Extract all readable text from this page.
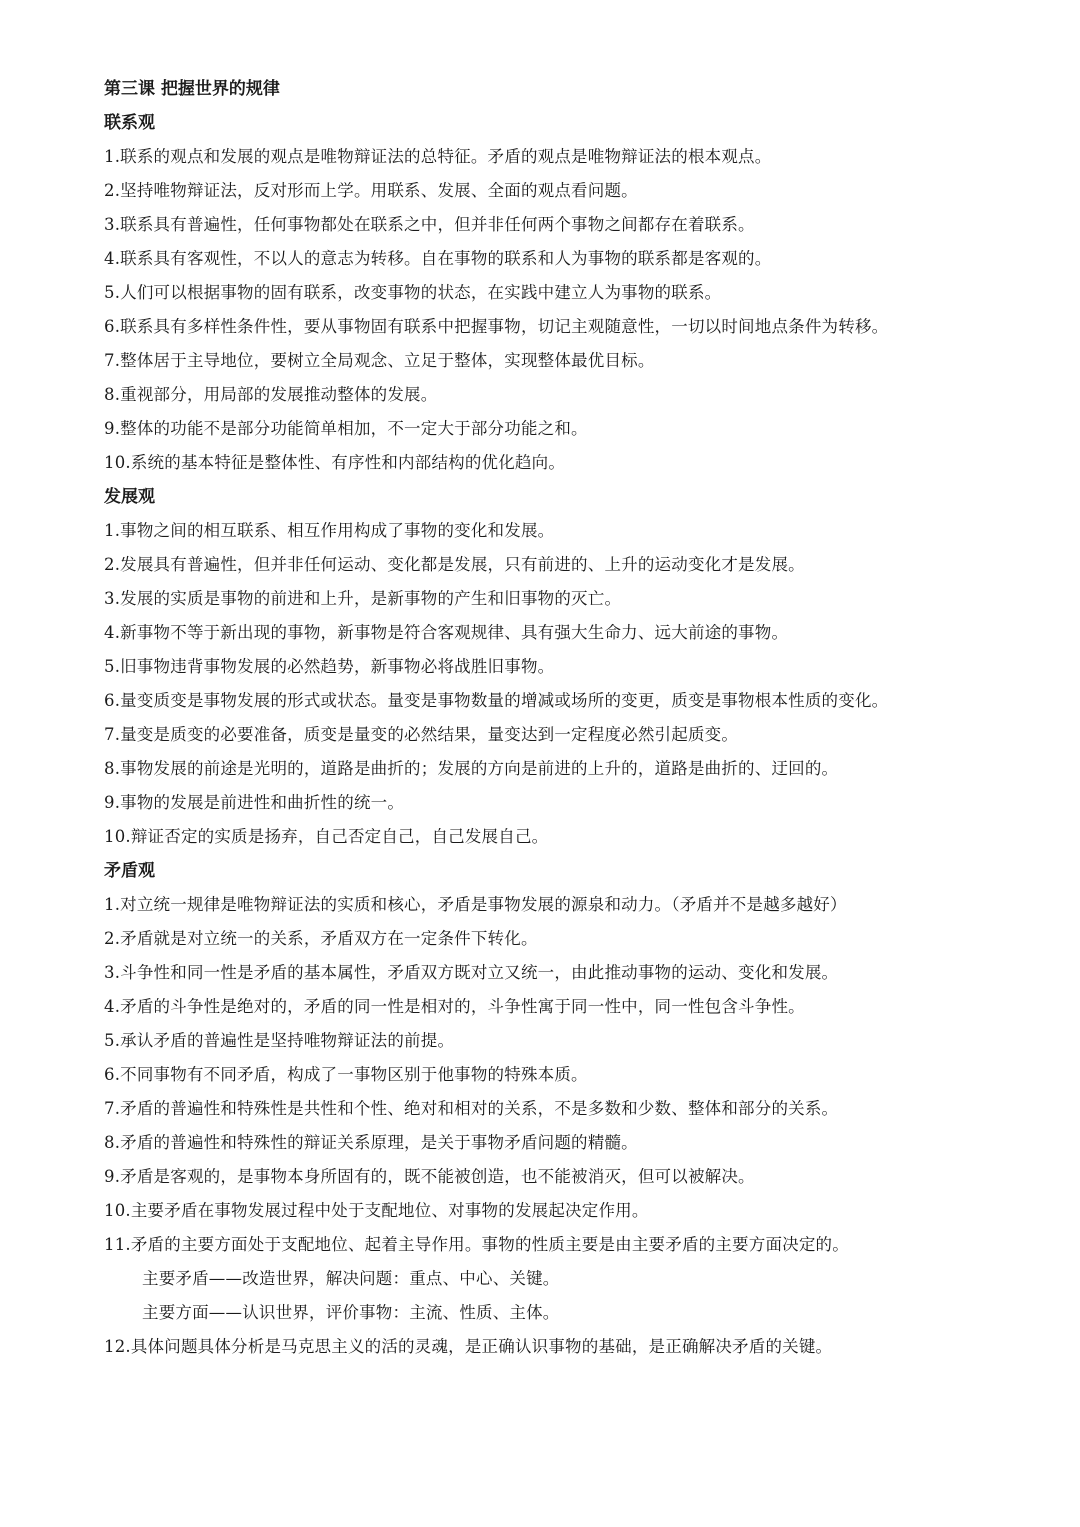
第三课 把握世界的规律
联系观

1.联系的观点和发展的观点是唯物辩证法的总特征。矛盾的观点是唯物辩证法的根本观点。

2.坚持唯物辩证法，反对形而上学。用联系、发展、全面的观点看问题。

3.联系具有普遍性，任何事物都处在联系之中，但并非任何两个事物之间都存在着联系。

4.联系具有客观性，不以人的意志为转移。自在事物的联系和人为事物的联系都是客观的。

5.人们可以根据事物的固有联系，改变事物的状态，在实践中建立人为事物的联系。

6.联系具有多样性条件性，要从事物固有联系中把握事物，切记主观随意性，一切以时间地点条件为转移。

7.整体居于主导地位，要树立全局观念、立足于整体，实现整体最优目标。

8.重视部分，用局部的发展推动整体的发展。

9.整体的功能不是部分功能简单相加，不一定大于部分功能之和。

10.系统的基本特征是整体性、有序性和内部结构的优化趋向。

发展观

1.事物之间的相互联系、相互作用构成了事物的变化和发展。

2.发展具有普遍性，但并非任何运动、变化都是发展，只有前进的、上升的运动变化才是发展。

3.发展的实质是事物的前进和上升，是新事物的产生和旧事物的灭亡。

4.新事物不等于新出现的事物，新事物是符合客观规律、具有强大生命力、远大前途的事物。

5.旧事物违背事物发展的必然趋势，新事物必将战胜旧事物。

6.量变质变是事物发展的形式或状态。量变是事物数量的增减或场所的变更，质变是事物根本性质的变化。

7.量变是质变的必要准备，质变是量变的必然结果，量变达到一定程度必然引起质变。

8.事物发展的前途是光明的，道路是曲折的；发展的方向是前进的上升的，道路是曲折的、迂回的。

9.事物的发展是前进性和曲折性的统一。

10.辩证否定的实质是扬弃，自己否定自己，自己发展自己。

矛盾观

1.对立统一规律是唯物辩证法的实质和核心，矛盾是事物发展的源泉和动力。（矛盾并不是越多越好）

2.矛盾就是对立统一的关系，矛盾双方在一定条件下转化。

3.斗争性和同一性是矛盾的基本属性，矛盾双方既对立又统一，由此推动事物的运动、变化和发展。

4.矛盾的斗争性是绝对的，矛盾的同一性是相对的，斗争性寓于同一性中，同一性包含斗争性。

5.承认矛盾的普遍性是坚持唯物辩证法的前提。

6.不同事物有不同矛盾，构成了一事物区别于他事物的特殊本质。

7.矛盾的普遍性和特殊性是共性和个性、绝对和相对的关系，不是多数和少数、整体和部分的关系。

8.矛盾的普遍性和特殊性的辩证关系原理，是关于事物矛盾问题的精髓。

9.矛盾是客观的，是事物本身所固有的，既不能被创造，也不能被消灭，但可以被解决。

10.主要矛盾在事物发展过程中处于支配地位、对事物的发展起决定作用。

11.矛盾的主要方面处于支配地位、起着主导作用。事物的性质主要是由主要矛盾的主要方面决定的。

主要矛盾——改造世界，解决问题：重点、中心、关键。

主要方面——认识世界，评价事物：主流、性质、主体。

12.具体问题具体分析是马克思主义的活的灵魂，是正确认识事物的基础，是正确解决矛盾的关键。
